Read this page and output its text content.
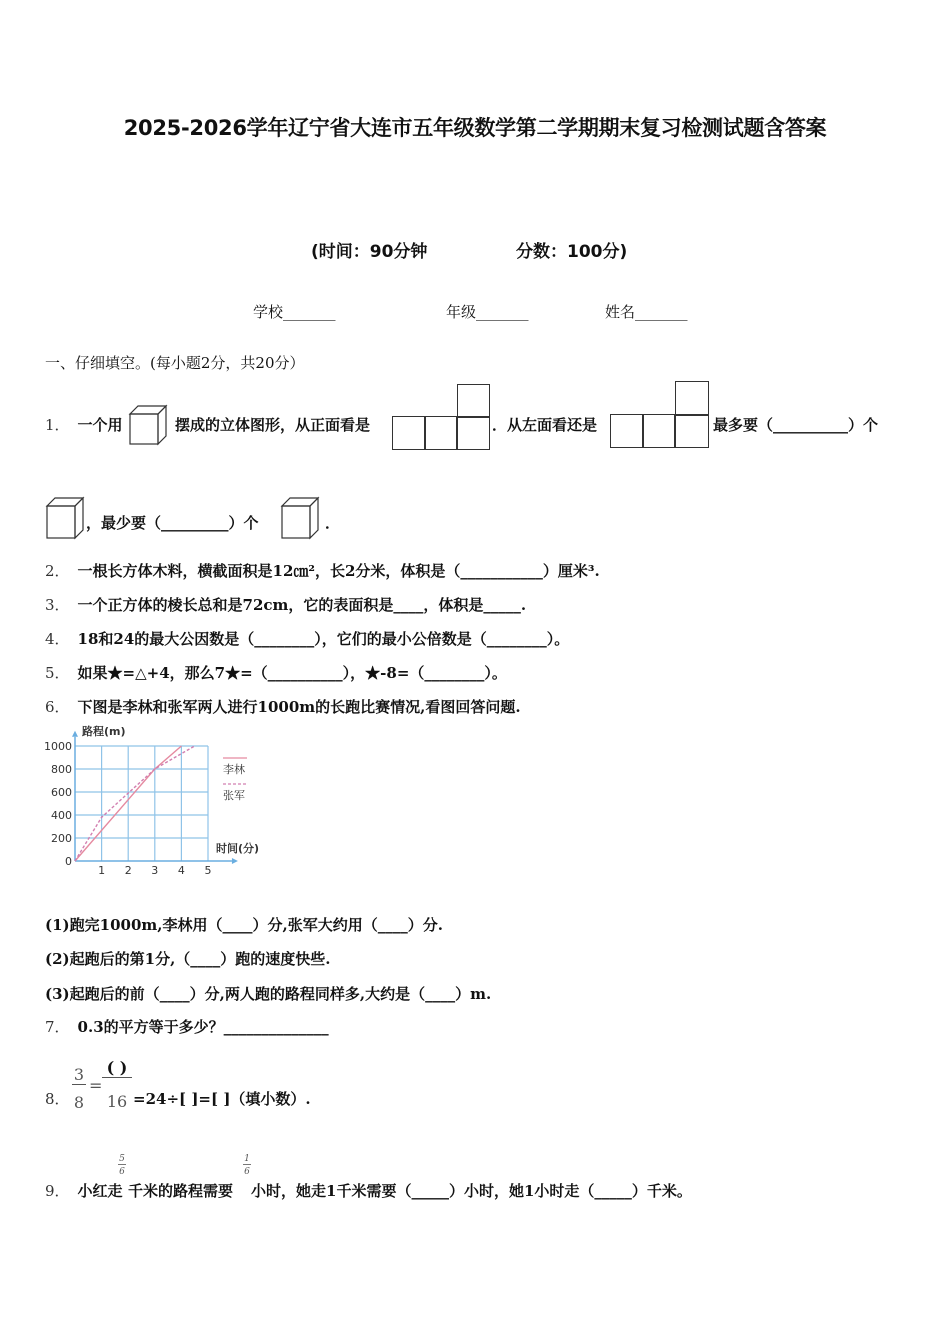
2025-2026学年辽宁省大连市五年级数学第二学期期末复习检测试题含答案
(时间：90分钟	分数：100分)
学校_______	年级_______	姓名_______
一、仔细填空。(每小题2分，共20分）
1． 一个用	摆成的立体图形，从正面看是	．从左面看还是	最多要（__________）个
，最少要（_________）个	．
2． 一根长方体木料，横截面积是12㎝²，长2分米，体积是（___________）厘米³.
3． 一个正方体的棱长总和是72cm，它的表面积是____，体积是_____.
4． 18和24的最大公因数是（________），它们的最小公倍数是（________）。
5． 如果★=△+4，那么7★=（__________），★-8=（________）。
6． 下图是李林和张军两人进行1000m的长跑比赛情况,看图回答问题.
0
200
400
600
800
1000
1 2 3 4 5
路程(m)
时间(分)
李林
张军
(1)跑完1000m,李林用（____）分,张军大约用（____）分.
(2)起跑后的第1分,（____）跑的速度快些.
(3)起跑后的前（____）分,两人跑的路程同样多,大约是（____）m.
7． 0.3的平方等于多少？______________
8．
3
8
=
( )
16 =24÷[ ]=[ ]（填小数）.
9． 小红走
5
6
千米的路程需要
1
6
小时，她走1千米需要（_____）小时，她1小时走（_____）千米。
